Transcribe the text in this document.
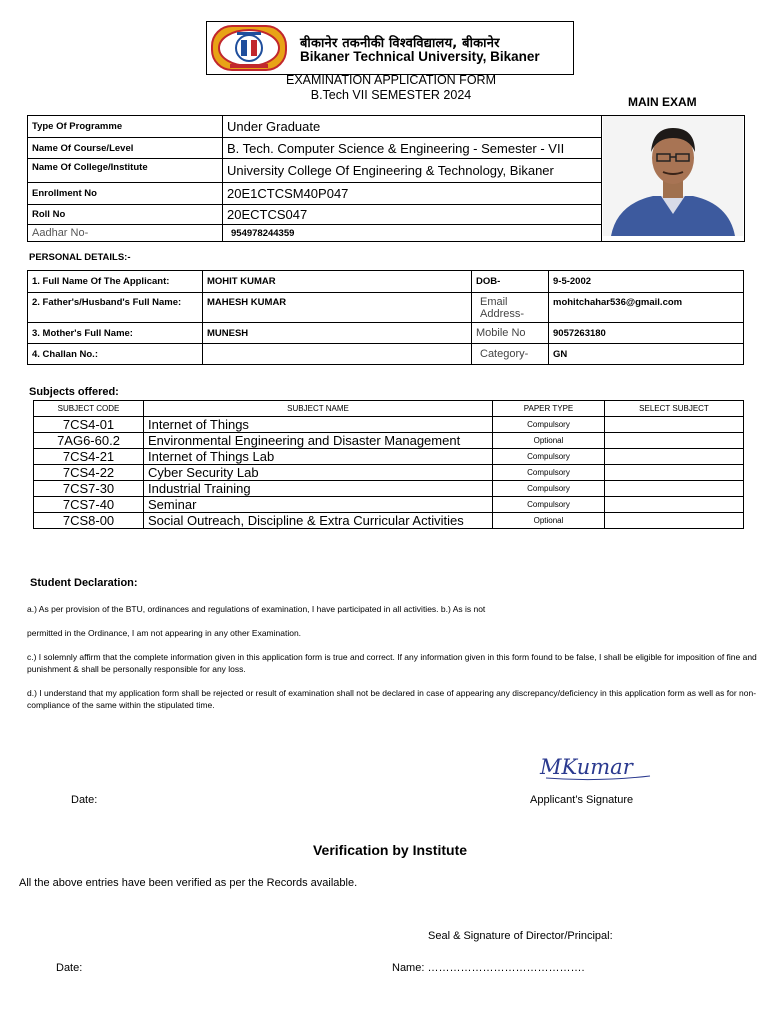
बीकानेर तकनीकी विश्वविद्यालय, बीकानेर
Bikaner Technical University, Bikaner
EXAMINATION APPLICATION FORM
B.Tech VII SEMESTER 2024	MAIN EXAM
Type Of Programme	Under Graduate	
Name Of Course/Level	B. Tech. Computer Science & Engineering - Semester - VII	
Name Of College/Institute	University College Of Engineering & Technology, Bikaner	
Enrollment No	20E1CTCSM40P047	
Roll No	20ECTCS047	
Aadhar No-	954978244359	
PERSONAL DETAILS:-
1. Full Name Of The Applicant:	MOHIT KUMAR	DOB-	9-5-2002
2. Father's/Husband's Full Name:	MAHESH KUMAR	Email Address-	mohitchahar536@gmail.com
3. Mother's Full Name:	MUNESH	Mobile No	9057263180
4. Challan No.:		Category-	GN
Subjects offered:
SUBJECT CODE	SUBJECT NAME	PAPER TYPE	SELECT SUBJECT
7CS4-01	Internet of Things	Compulsory	
7AG6-60.2	Environmental Engineering and Disaster Management	Optional	
7CS4-21	Internet of Things Lab	Compulsory	
7CS4-22	Cyber Security Lab	Compulsory	
7CS7-30	Industrial Training	Compulsory	
7CS7-40	Seminar	Compulsory	
7CS8-00	Social Outreach, Discipline & Extra Curricular Activities	Optional	
Student Declaration:
a.) As per provision of the BTU, ordinances and regulations of examination, I have participated in all activities. b.) As is not
permitted in the Ordinance, I am not appearing in any other Examination.
c.) I solemnly affirm that the complete information given in this application form is true and correct. If any information given in this form found to be false, I shall be eligible for imposition of fine and punishment & shall be personally responsible for any loss.
d.) I understand that my application form shall be rejected or result of examination shall not be declared in case of appearing any discrepancy/deficiency in this application form as well as for non-compliance of the same within the stipulated time.
MKumar
Date:	Applicant’s Signature
Verification by Institute
All the above entries have been verified as per the Records available.
Seal & Signature of Director/Principal:
Date:	Name: …………………………………….
